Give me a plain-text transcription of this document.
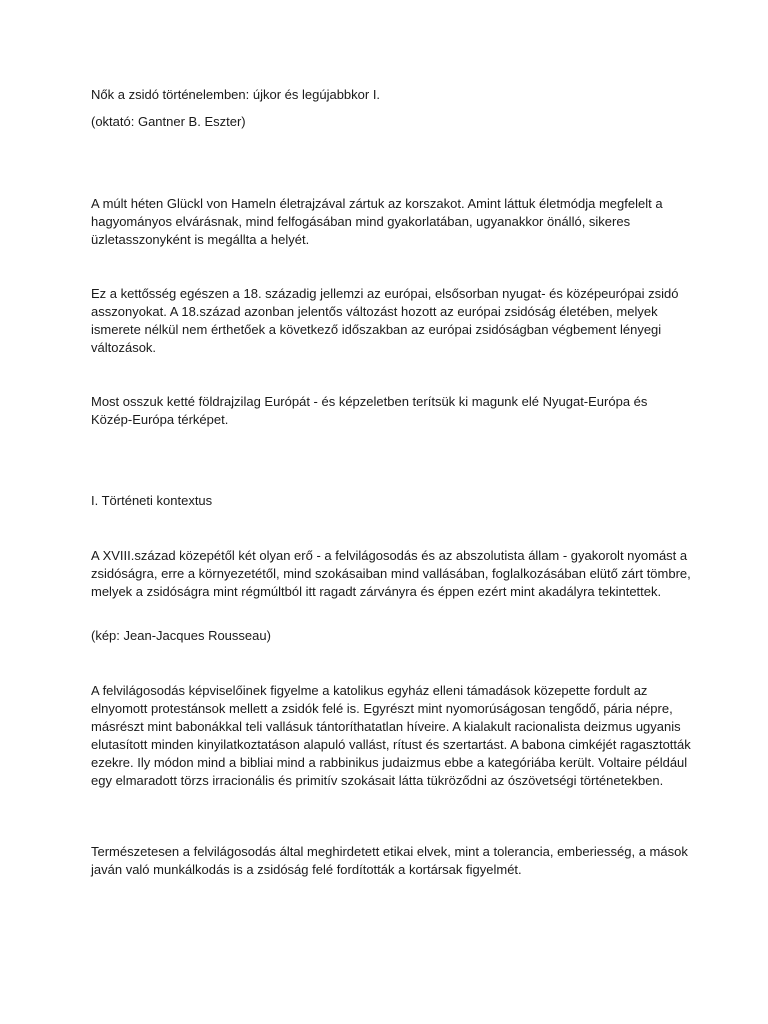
Nők a zsidó történelemben: újkor és legújabbkor I.

(oktató: Gantner B. Eszter)

A múlt héten Glückl von Hameln életrajzával zártuk az korszakot. Amint láttuk életmódja megfelelt a hagyományos elvárásnak, mind felfogásában mind gyakorlatában, ugyanakkor önálló, sikeres üzletasszonyként is megállta a helyét.

Ez a kettősség egészen a 18. századig jellemzi az európai, elsősorban nyugat- és középeurópai zsidó asszonyokat. A 18.század azonban jelentős változást hozott az európai zsidóság életében, melyek ismerete nélkül nem érthetőek a következő időszakban az európai zsidóságban végbement lényegi változások.

Most osszuk ketté földrajzilag Európát - és képzeletben terítsük ki magunk elé Nyugat-Európa és Közép-Európa térképet.

I. Történeti kontextus

A XVIII.század közepétől két olyan erő - a felvilágosodás és az abszolutista állam - gyakorolt nyomást a zsidóságra, erre a környezetétől, mind szokásaiban mind vallásában, foglalkozásában elütő zárt tömbre, melyek a zsidóságra mint régmúltból itt ragadt zárványra és éppen ezért mint akadályra tekintettek.

(kép: Jean-Jacques Rousseau)

A felvilágosodás képviselőinek figyelme a katolikus egyház elleni támadások közepette fordult az elnyomott protestánsok mellett a zsidók felé is. Egyrészt mint nyomorúságosan tengődő, pária népre, másrészt mint babonákkal teli vallásuk tántoríthatatlan híveire. A kialakult racionalista deizmus ugyanis elutasított minden kinyilatkoztatáson alapuló vallást, rítust és szertartást. A babona cimkéjét ragasztották ezekre. Ily módon mind a bibliai mind a rabbinikus judaizmus ebbe a kategóriába került. Voltaire például egy elmaradott törzs irracionális és primitív szokásait látta tükröződni az ószövetségi történetekben.

Természetesen a felvilágosodás által meghirdetett etikai elvek, mint a tolerancia, emberiesség, a mások javán való munkálkodás is a zsidóság felé fordították a kortársak figyelmét.
